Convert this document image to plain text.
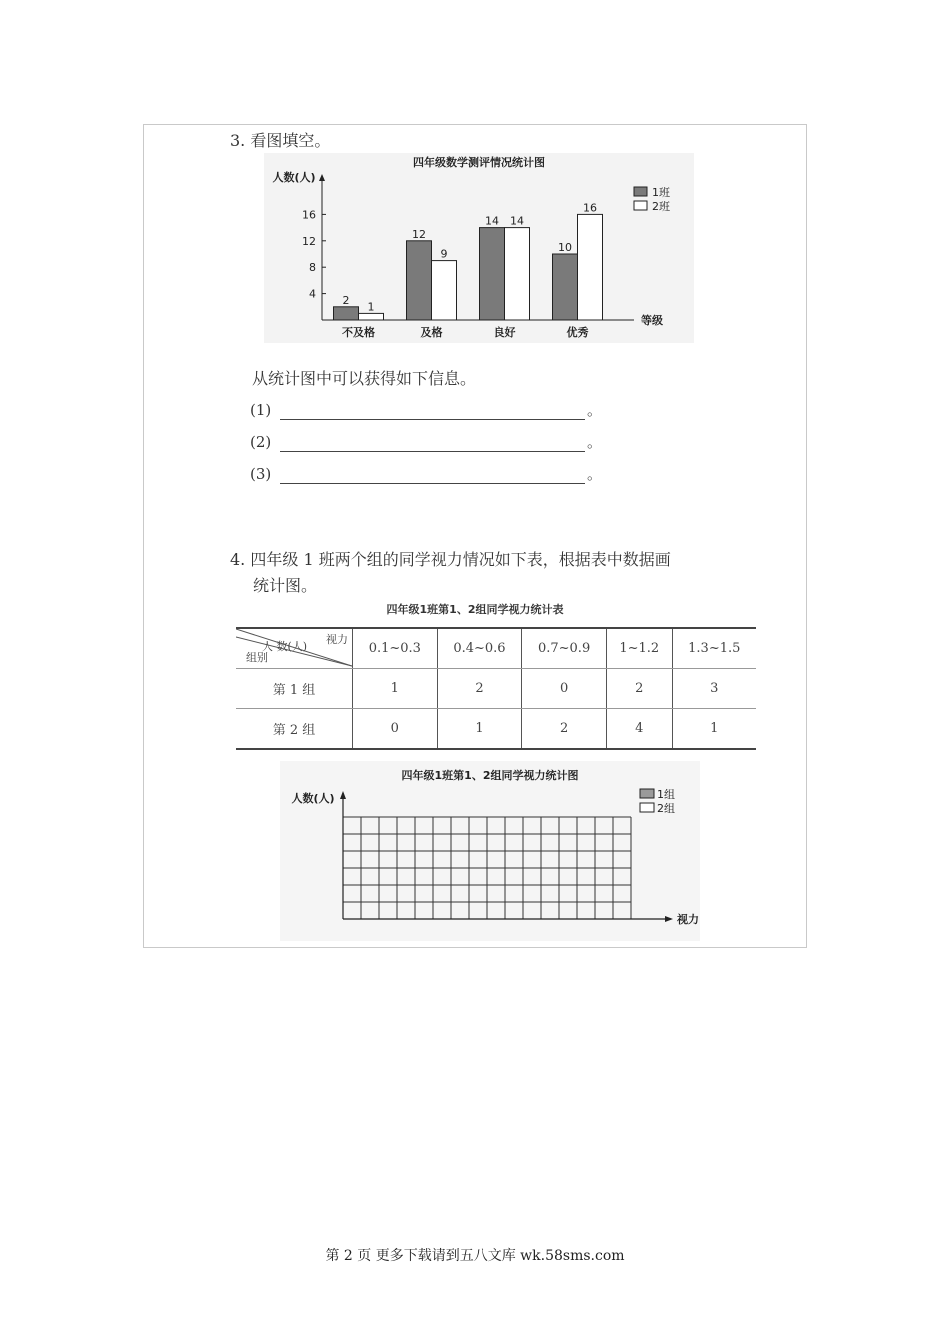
3. 看图填空。
四年级数学测评情况统计图
人数(人)
等级
4
8
12
16
2
1
不及格
12
9
及格
14 14
良好
10
16
优秀
1班
2班
从统计图中可以获得如下信息。
(1)	。
(2)	。
(3)	。
4. 四年级 1 班两个组的同学视力情况如下表，根据表中数据画
统计图。
四年级1班第1、2组同学视力统计表
视力
人 数(人)
组别	0.1~0.3	0.4~0.6	0.7~0.9	1~1.2	1.3~1.5
第 1 组	1	2	0	2	3
第 2 组	0	1	2	4	1
四年级1班第1、2组同学视力统计图
人数(人)
视力
1组
2组
第 2 页 更多下载请到五八文库 wk.58sms.com
